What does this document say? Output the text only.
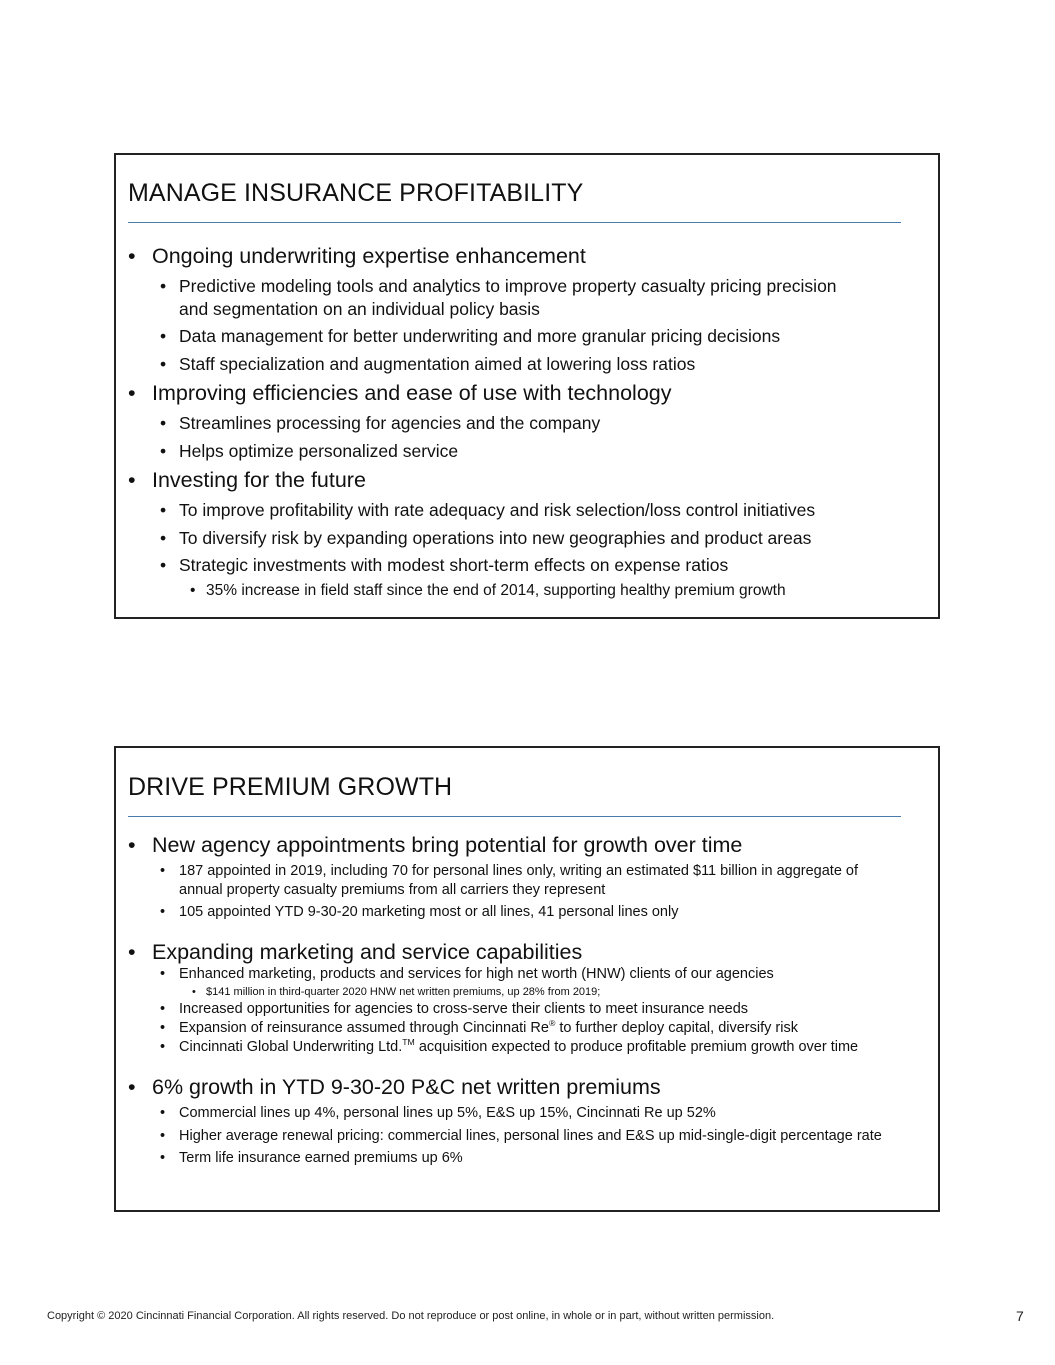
MANAGE INSURANCE PROFITABILITY
• Ongoing underwriting expertise enhancement
• Predictive modeling tools and analytics to improve property casualty pricing precision
and segmentation on an individual policy basis
• Data management for better underwriting and more granular pricing decisions
• Staff specialization and augmentation aimed at lowering loss ratios
• Improving efficiencies and ease of use with technology
• Streamlines processing for agencies and the company
• Helps optimize personalized service
• Investing for the future
• To improve profitability with rate adequacy and risk selection/loss control initiatives
• To diversify risk by expanding operations into new geographies and product areas
• Strategic investments with modest short-term effects on expense ratios
• 35% increase in field staff since the end of 2014, supporting healthy premium growth
DRIVE PREMIUM GROWTH
• New agency appointments bring potential for growth over time
• 187 appointed in 2019, including 70 for personal lines only, writing an estimated $11 billion in aggregate of
annual property casualty premiums from all carriers they represent
• 105 appointed YTD 9-30-20 marketing most or all lines, 41 personal lines only
• Expanding marketing and service capabilities
• Enhanced marketing, products and services for high net worth (HNW) clients of our agencies
• $141 million in third-quarter 2020 HNW net written premiums, up 28% from 2019;
• Increased opportunities for agencies to cross-serve their clients to meet insurance needs
• Expansion of reinsurance assumed through Cincinnati Re® to further deploy capital, diversify risk
• Cincinnati Global Underwriting Ltd.™ acquisition expected to produce profitable premium growth over time
• 6% growth in YTD 9-30-20 P&C net written premiums
• Commercial lines up 4%, personal lines up 5%, E&S up 15%, Cincinnati Re up 52%
• Higher average renewal pricing: commercial lines, personal lines and E&S up mid-single-digit percentage rate
• Term life insurance earned premiums up 6%
Copyright © 2020 Cincinnati Financial Corporation. All rights reserved. Do not reproduce or post online, in whole or in part, without written permission.	7
